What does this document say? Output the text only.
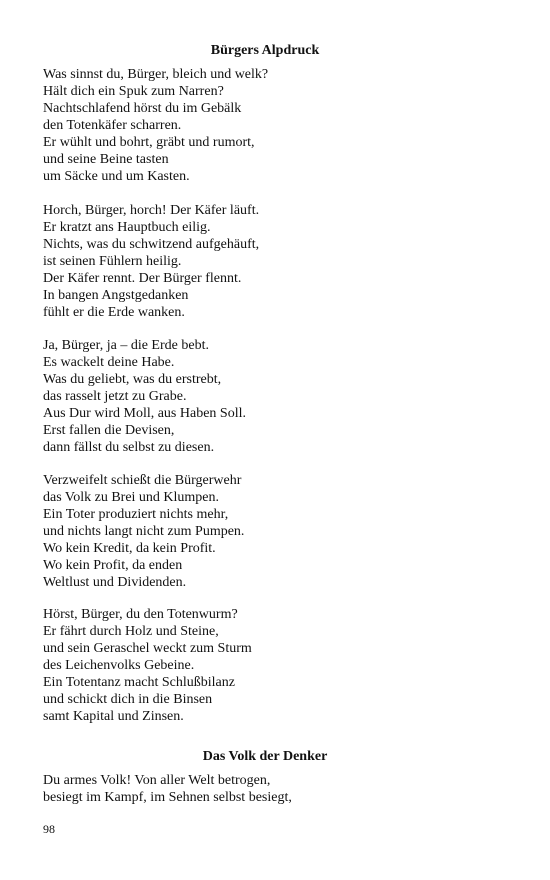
Bürgers Alpdruck
Was sinnst du, Bürger, bleich und welk?
Hält dich ein Spuk zum Narren?
Nachtschlafend hörst du im Gebälk
den Totenkäfer scharren.
Er wühlt und bohrt, gräbt und rumort,
und seine Beine tasten
um Säcke und um Kasten.
Horch, Bürger, horch! Der Käfer läuft.
Er kratzt ans Hauptbuch eilig.
Nichts, was du schwitzend aufgehäuft,
ist seinen Fühlern heilig.
Der Käfer rennt. Der Bürger flennt.
In bangen Angstgedanken
fühlt er die Erde wanken.
Ja, Bürger, ja – die Erde bebt.
Es wackelt deine Habe.
Was du geliebt, was du erstrebt,
das rasselt jetzt zu Grabe.
Aus Dur wird Moll, aus Haben Soll.
Erst fallen die Devisen,
dann fällst du selbst zu diesen.
Verzweifelt schießt die Bürgerwehr
das Volk zu Brei und Klumpen.
Ein Toter produziert nichts mehr,
und nichts langt nicht zum Pumpen.
Wo kein Kredit, da kein Profit.
Wo kein Profit, da enden
Weltlust und Dividenden.
Hörst, Bürger, du den Totenwurm?
Er fährt durch Holz und Steine,
und sein Geraschel weckt zum Sturm
des Leichenvolks Gebeine.
Ein Totentanz macht Schlußbilanz
und schickt dich in die Binsen
samt Kapital und Zinsen.
Das Volk der Denker
Du armes Volk! Von aller Welt betrogen,
besiegt im Kampf, im Sehnen selbst besiegt,
98
